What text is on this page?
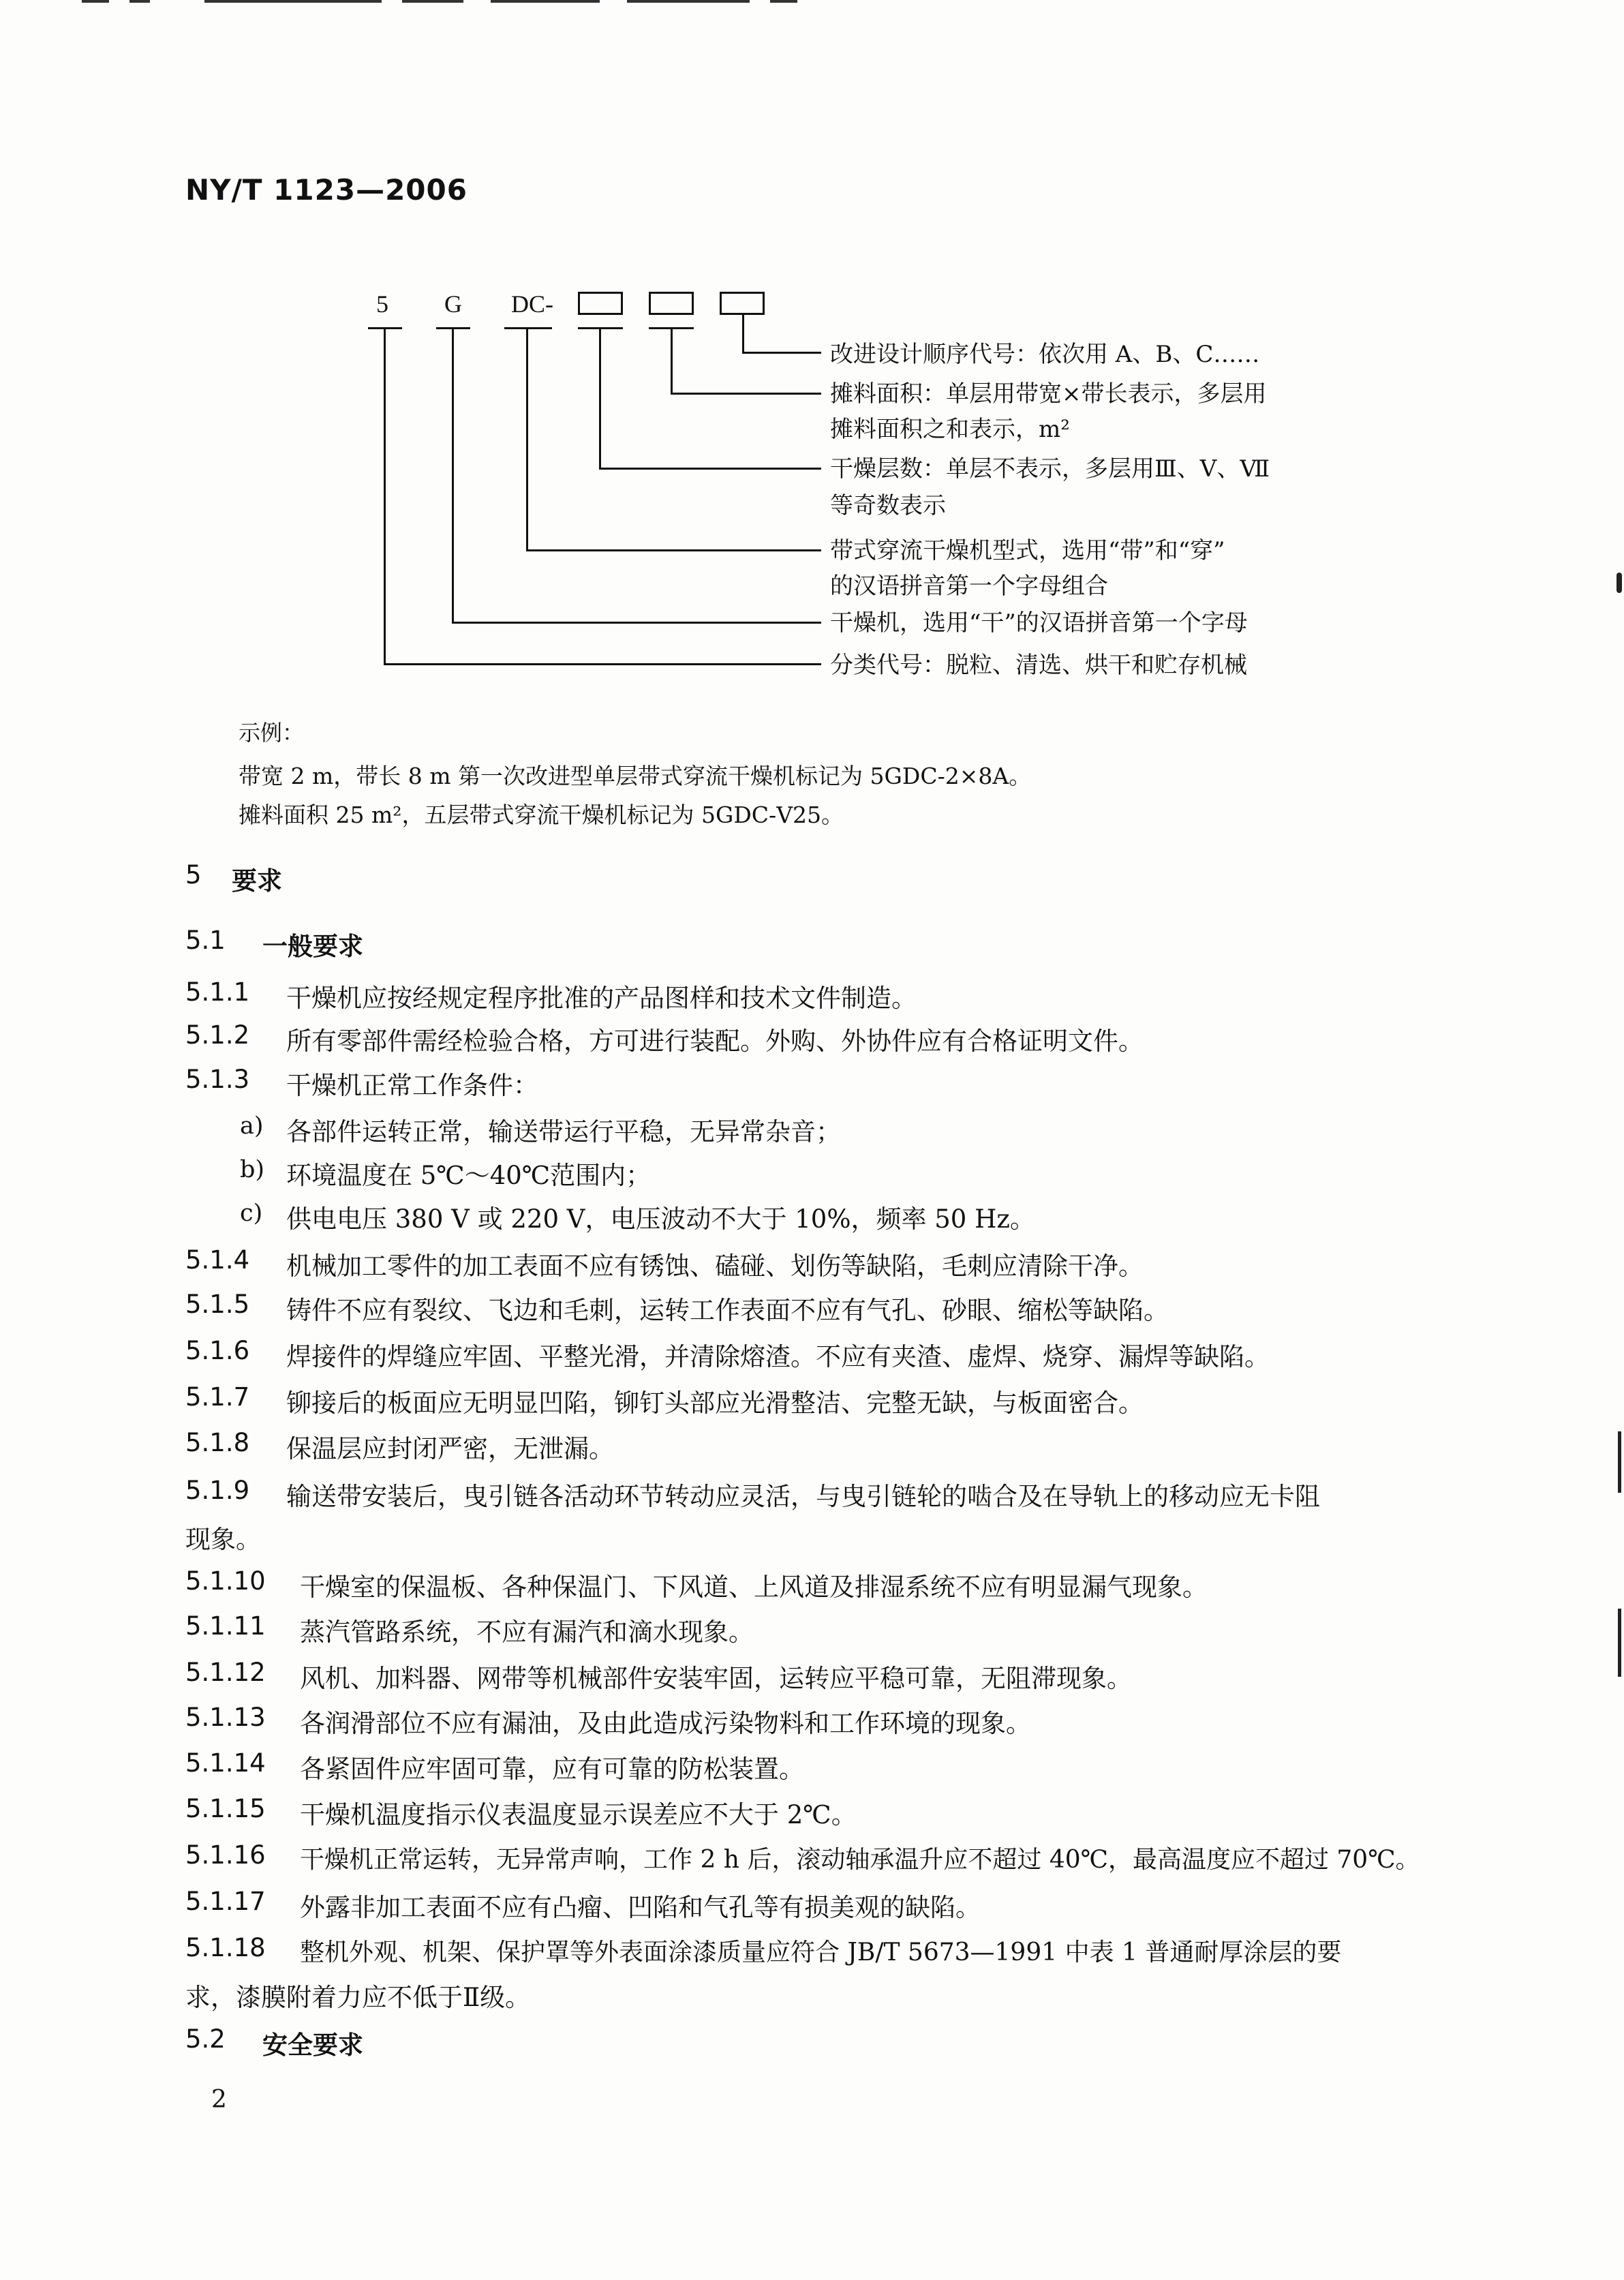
NY/T 1123—2006
5 G DC-
改进设计顺序代号：依次用 A、B、C……
摊料面积：单层用带宽×带长表示，多层用
摊料面积之和表示，m²
干燥层数：单层不表示，多层用Ⅲ、Ⅴ、Ⅶ
等奇数表示
带式穿流干燥机型式，选用“带”和“穿”
的汉语拼音第一个字母组合
干燥机，选用“干”的汉语拼音第一个字母
分类代号：脱粒、清选、烘干和贮存机械
示例：
带宽 2 m，带长 8 m 第一次改进型单层带式穿流干燥机标记为 5GDC-2×8A。
摊料面积 25 m²，五层带式穿流干燥机标记为 5GDC-Ⅴ25。
5 要求
5.1 一般要求
5.1.1 干燥机应按经规定程序批准的产品图样和技术文件制造。
5.1.2 所有零部件需经检验合格，方可进行装配。外购、外协件应有合格证明文件。
5.1.3 干燥机正常工作条件：
a) 各部件运转正常，输送带运行平稳，无异常杂音；
b) 环境温度在 5℃～40℃范围内；
c) 供电电压 380 V 或 220 V，电压波动不大于 10%，频率 50 Hz。
5.1.4 机械加工零件的加工表面不应有锈蚀、磕碰、划伤等缺陷，毛刺应清除干净。
5.1.5 铸件不应有裂纹、飞边和毛刺，运转工作表面不应有气孔、砂眼、缩松等缺陷。
5.1.6 焊接件的焊缝应牢固、平整光滑，并清除熔渣。不应有夹渣、虚焊、烧穿、漏焊等缺陷。
5.1.7 铆接后的板面应无明显凹陷，铆钉头部应光滑整洁、完整无缺，与板面密合。
5.1.8 保温层应封闭严密，无泄漏。
5.1.9 输送带安装后，曳引链各活动环节转动应灵活，与曳引链轮的啮合及在导轨上的移动应无卡阻
现象。
5.1.10 干燥室的保温板、各种保温门、下风道、上风道及排湿系统不应有明显漏气现象。
5.1.11 蒸汽管路系统，不应有漏汽和滴水现象。
5.1.12 风机、加料器、网带等机械部件安装牢固，运转应平稳可靠，无阻滞现象。
5.1.13 各润滑部位不应有漏油，及由此造成污染物料和工作环境的现象。
5.1.14 各紧固件应牢固可靠，应有可靠的防松装置。
5.1.15 干燥机温度指示仪表温度显示误差应不大于 2℃。
5.1.16 干燥机正常运转，无异常声响，工作 2 h 后，滚动轴承温升应不超过 40℃，最高温度应不超过 70℃。
5.1.17 外露非加工表面不应有凸瘤、凹陷和气孔等有损美观的缺陷。
5.1.18 整机外观、机架、保护罩等外表面涂漆质量应符合 JB/T 5673—1991 中表 1 普通耐厚涂层的要
求，漆膜附着力应不低于Ⅱ级。
5.2 安全要求
2
